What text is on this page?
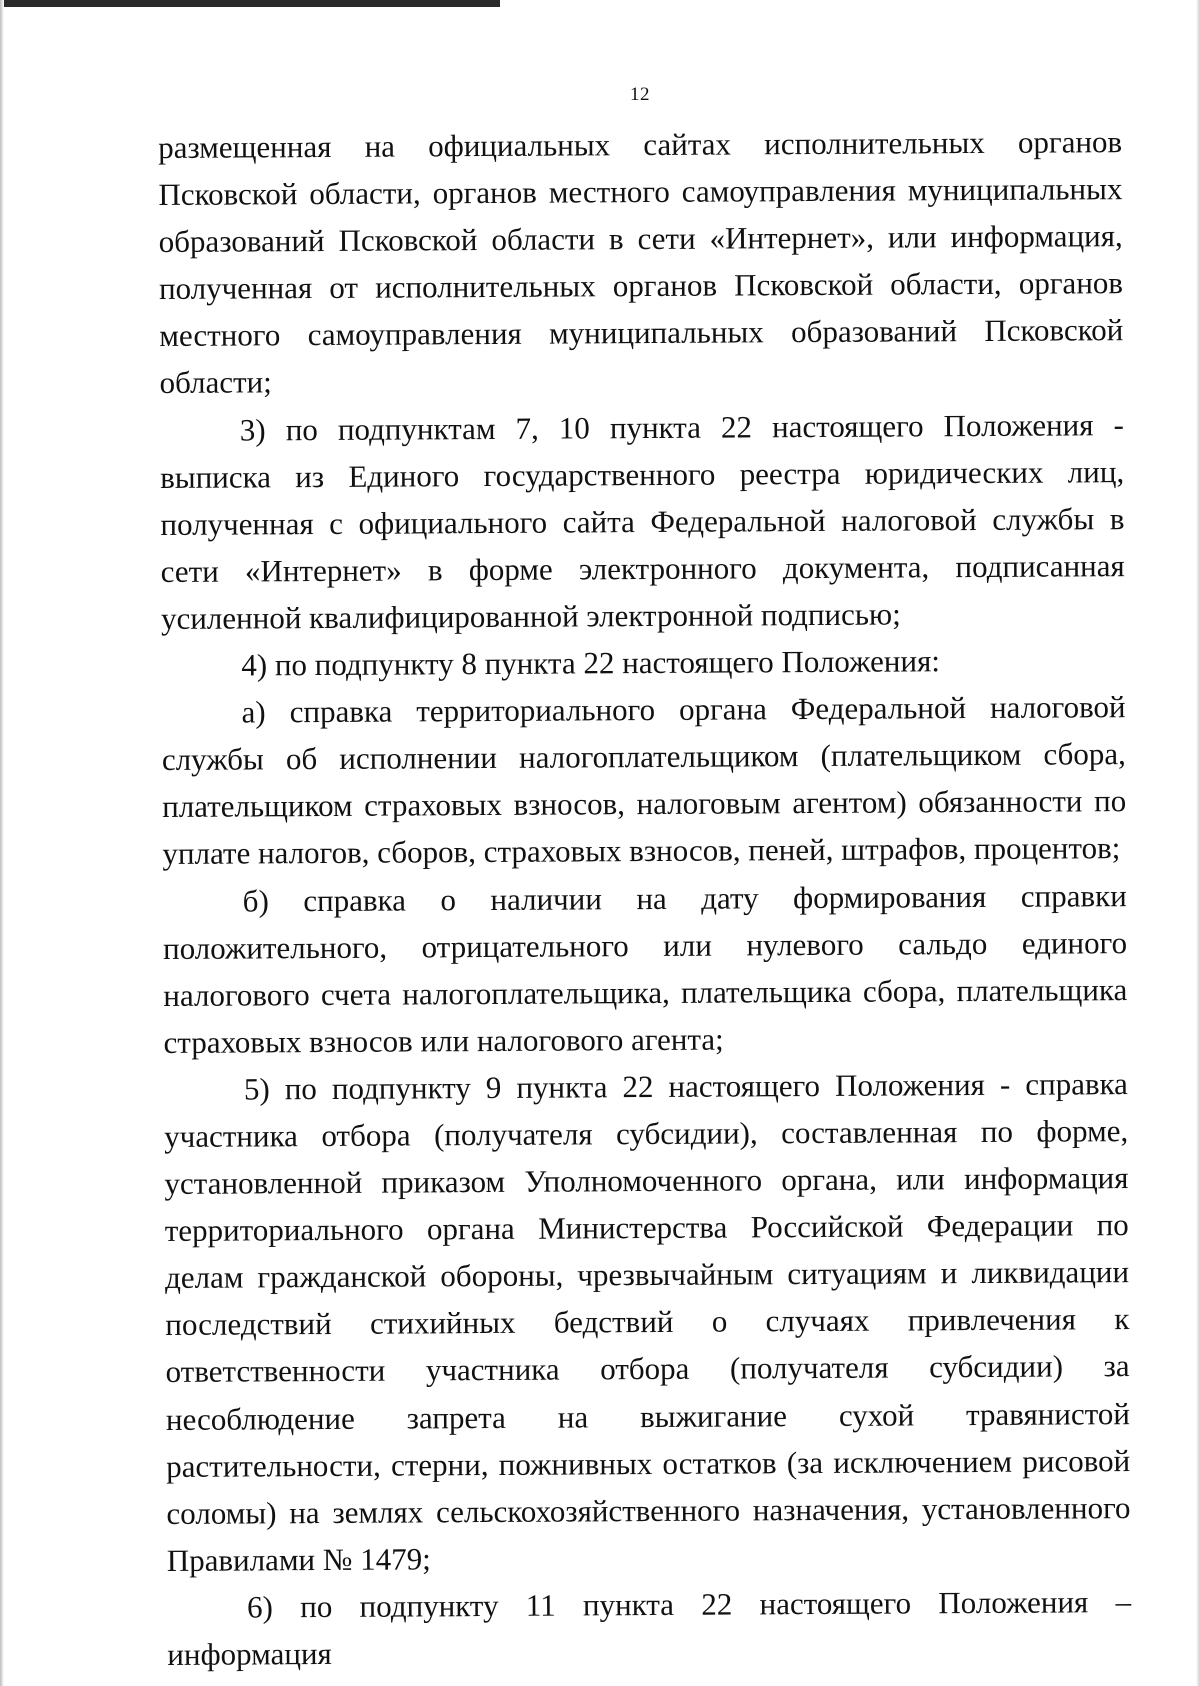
12

размещенная на официальных сайтах исполнительных органов Псковской области, органов местного самоуправления муниципальных образований Псковской области в сети «Интернет», или информация, полученная от исполнительных органов Псковской области, органов местного самоуправления муниципальных образований Псковской области;

3) по подпунктам 7, 10 пункта 22 настоящего Положения - выписка из Единого государственного реестра юридических лиц, полученная с официального сайта Федеральной налоговой службы в сети «Интернет» в форме электронного документа, подписанная усиленной квалифицированной электронной подписью;

4) по подпункту 8 пункта 22 настоящего Положения:

а) справка территориального органа Федеральной налоговой службы об исполнении налогоплательщиком (плательщиком сбора, плательщиком страховых взносов, налоговым агентом) обязанности по уплате налогов, сборов, страховых взносов, пеней, штрафов, процентов;

б) справка о наличии на дату формирования справки положительного, отрицательного или нулевого сальдо единого налогового счета налогоплательщика, плательщика сбора, плательщика страховых взносов или налогового агента;

5) по подпункту 9 пункта 22 настоящего Положения - справка участника отбора (получателя субсидии), составленная по форме, установленной приказом Уполномоченного органа, или информация территориального органа Министерства Российской Федерации по делам гражданской обороны, чрезвычайным ситуациям и ликвидации последствий стихийных бедствий о случаях привлечения к ответственности участника отбора (получателя субсидии) за несоблюдение запрета на выжигание сухой травянистой растительности, стерни, пожнивных остатков (за исключением рисовой соломы) на землях сельскохозяйственного назначения, установленного Правилами № 1479;

6) по подпункту 11 пункта 22 настоящего Положения – информация
